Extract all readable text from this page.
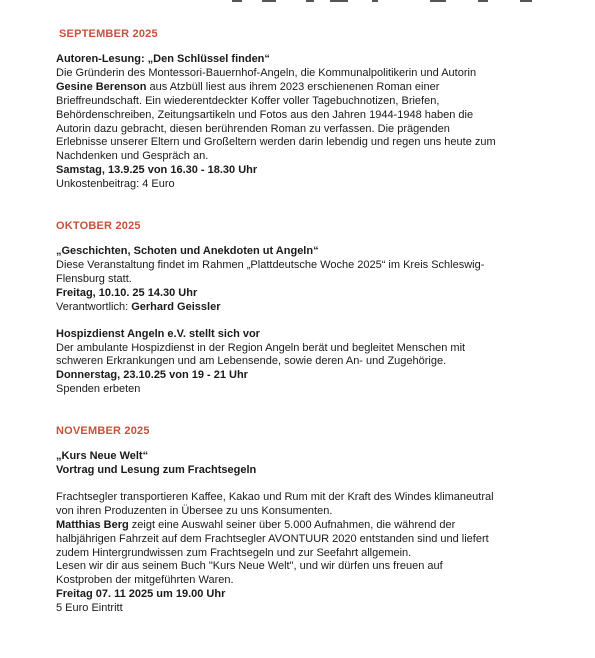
SEPTEMBER 2025

Autoren-Lesung: „Den Schlüssel finden“

Die Gründerin des Montessori-Bauernhof-Angeln, die Kommunalpolitikerin und Autorin

Gesine Berenson aus Atzbüll liest aus ihrem 2023 erschienenen Roman einer

Brieffreundschaft. Ein wiederentdeckter Koffer voller Tagebuchnotizen, Briefen,

Behördenschreiben, Zeitungsartikeln und Fotos aus den Jahren 1944-1948 haben die

Autorin dazu gebracht, diesen berührenden Roman zu verfassen. Die prägenden

Erlebnisse unserer Eltern und Großeltern werden darin lebendig und regen uns heute zum

Nachdenken und Gespräch an.

Samstag, 13.9.25 von 16.30 - 18.30 Uhr

Unkostenbeitrag: 4 Euro

OKTOBER 2025

„Geschichten, Schoten und Anekdoten ut Angeln“

Diese Veranstaltung findet im Rahmen „Plattdeutsche Woche 2025“ im Kreis Schleswig-

Flensburg statt.

Freitag, 10.10. 25 14.30 Uhr

Verantwortlich: Gerhard Geissler

Hospizdienst Angeln e.V. stellt sich vor

Der ambulante Hospizdienst in der Region Angeln berät und begleitet Menschen mit

schweren Erkrankungen und am Lebensende, sowie deren An- und Zugehörige.

Donnerstag, 23.10.25 von 19 - 21 Uhr

Spenden erbeten

NOVEMBER 2025

„Kurs Neue Welt“

Vortrag und Lesung zum Frachtsegeln

Frachtsegler transportieren Kaffee, Kakao und Rum mit der Kraft des Windes klimaneutral

von ihren Produzenten in Übersee zu uns Konsumenten.

Matthias Berg zeigt eine Auswahl seiner über 5.000 Aufnahmen, die während der

halbjährigen Fahrzeit auf dem Frachtsegler AVONTUUR 2020 entstanden sind und liefert

zudem Hintergrundwissen zum Frachtsegeln und zur Seefahrt allgemein.

Lesen wir dir aus seinem Buch "Kurs Neue Welt", und wir dürfen uns freuen auf

Kostproben der mitgeführten Waren.

Freitag 07. 11 2025 um 19.00 Uhr

5 Euro Eintritt
